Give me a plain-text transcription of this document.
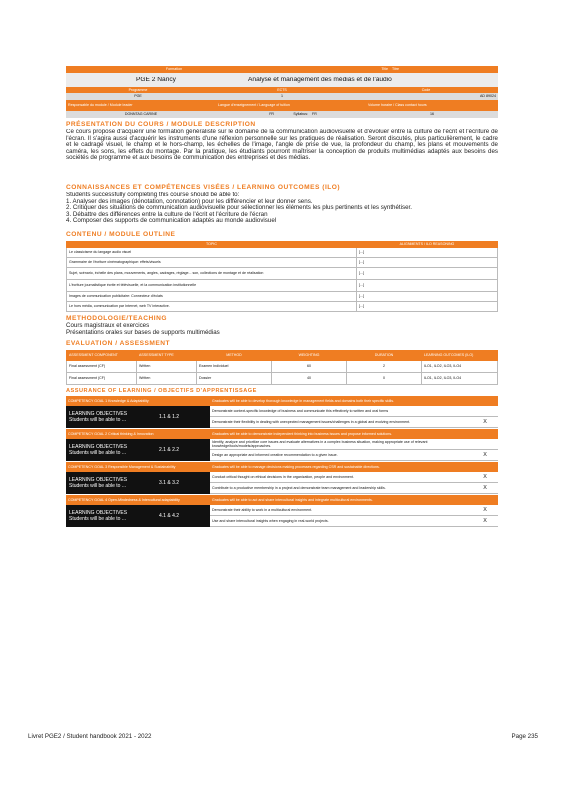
Formation	Title	Titre
PGE 2 Nancy	Analyse et management des médias et de l'audio
Programme	ECTS	Code
PGE	1	AD 89024
Responsable du module / Module leader	Langue d'enseignement / Language of tuition	Volume horaire / Class contact hours
DONNTAG CARINE	FR	Syllabus:	FR	16
PRÉSENTATION DU COURS / MODULE DESCRIPTION
Ce cours propose d'acquérir une formation généraliste sur le domaine de la communication audiovisuelle et d'évoluer entre la culture de l'écrit et l'écriture de l'écran. Il s'agira aussi d'acquérir les instruments d'une réflexion personnelle sur les pratiques de réalisation. Seront discutés, plus particulièrement, le cadre et le cadrage visuel, le champ et le hors-champ, les échelles de l'image, l'angle de prise de vue, la profondeur du champ, les plans et mouvements de caméra, les sons, les effets du montage. Par la pratique, les étudiants pourront maîtriser la conception de produits multimédias adaptés aux besoins des sociétés de programme et aux besoins de communication des entreprises et des médias.
CONNAISSANCES ET COMPÉTENCES VISÉES / LEARNING OUTCOMES (ILO)
Students successfully completing this course should be able to:
1. Analyser des images (dénotation, connotation) pour les différencier et leur donner sens.
2. Critiquer des situations de communication audiovisuelle pour sélectionner les éléments les plus pertinents et les synthétiser.
3. Débattre des différences entre la culture de l'écrit et l'écriture de l'écran
4. Composer des supports de communication adaptés au monde audiovisuel
CONTENU / MODULE OUTLINE
TOPIC	ALIGNMENTS / ILO REASONING
Le classicisme du langage audio visuel	[...]
Grammaire de l'écriture cinématographique: effets/visuels	[...]
Sujet, scénario, échelle des plans, mouvements, angles, cadrages, réglage... son, collections de montage et de réalisation	[...]
L'écriture journalistique écrite et télévisuelle, et la communication institutionnelle	[...]
Images de communication publicitaire: Connecteur d'éclats	[...]
Le hors média, communication par Internet, web TV interactive.	[...]
METHODOLOGIE/TEACHING
Cours magistraux et exercices
Présentations orales sur bases de supports multimédias
EVALUATION / ASSESSMENT
ASSESSMENT COMPONENT	ASSESSMENT TYPE	METHOD	WEIGHTING	DURATION	LEARNING OUTCOMES (ILO)
Final assessment (CF)	Written	Examen Individuel	60	2	ILO1, ILO2, ILO3, ILO4
Final assessment (CF)	Written	Dossier	40	0	ILO1, ILO2, ILO3, ILO4
ASSURANCE OF LEARNING / OBJECTIFS D'APPRENTISSAGE
COMPETENCY GOAL 1 Knowledge & Adaptability	Graduates will be able to develop thorough knowledge in management fields and domains both their specific skills.
LEARNING OBJECTIVES
Students will be able to ...	1.1 & 1.2
Demonstrate context-specific knowledge of business and communicate this effectively to written and oral forms
Demonstrate their flexibility in dealing with unexpected management issues/challenges in a global and evolving environment.	X
COMPETENCY GOAL 2 Critical thinking & Innovation	Graduates will be able to demonstrate independent thinking into business issues and propose informed solutions.
LEARNING OBJECTIVES
Students will be able to ...	2.1 & 2.2
Identify, analyze and prioritize core issues and evaluate alternatives in a complex business situation, making appropriate use of relevant knowledge/tools/models/approaches.
Design an appropriate and informed creative recommendation to a given issue.	X
COMPETENCY GOAL 3 Responsible Management & Sustainability	Graduates will be able to manage decisions making processes regarding CSR and sustainable directions.
LEARNING OBJECTIVES
Students will be able to ...	3.1 & 3.2
Conduct critical thought on ethical decisions in the organization, people and environment.	X
Contribute to a productive membership in a project and demonstrate team management and leadership skills.	X
COMPETENCY GOAL 4 Open-Mindedness & Intercultural adaptability	Graduates will be able to act and share intercultural insights and integrate multicultural environments.
LEARNING OBJECTIVES
Students will be able to ...	4.1 & 4.2
Demonstrate their ability to work in a multicultural environment.	X
Use and share intercultural insights when engaging in real-world projects.	X
Livret PGE2 / Student handbook 2021 - 2022	Page 235
